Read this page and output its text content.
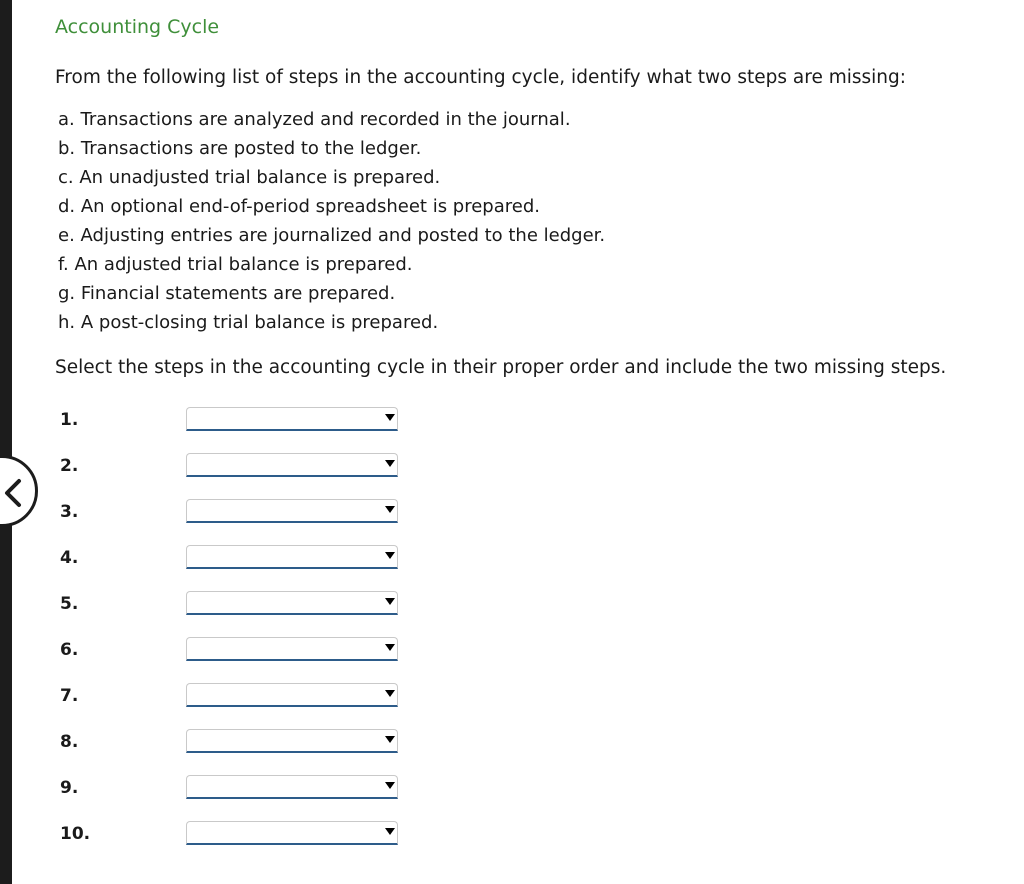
Accounting Cycle

From the following list of steps in the accounting cycle, identify what two steps are missing:

a. Transactions are analyzed and recorded in the journal.
b. Transactions are posted to the ledger.
c. An unadjusted trial balance is prepared.
d. An optional end-of-period spreadsheet is prepared.
e. Adjusting entries are journalized and posted to the ledger.
f. An adjusted trial balance is prepared.
g. Financial statements are prepared.
h. A post-closing trial balance is prepared.

Select the steps in the accounting cycle in their proper order and include the two missing steps.

1.
2.
3.
4.
5.
6.
7.
8.
9.
10.
